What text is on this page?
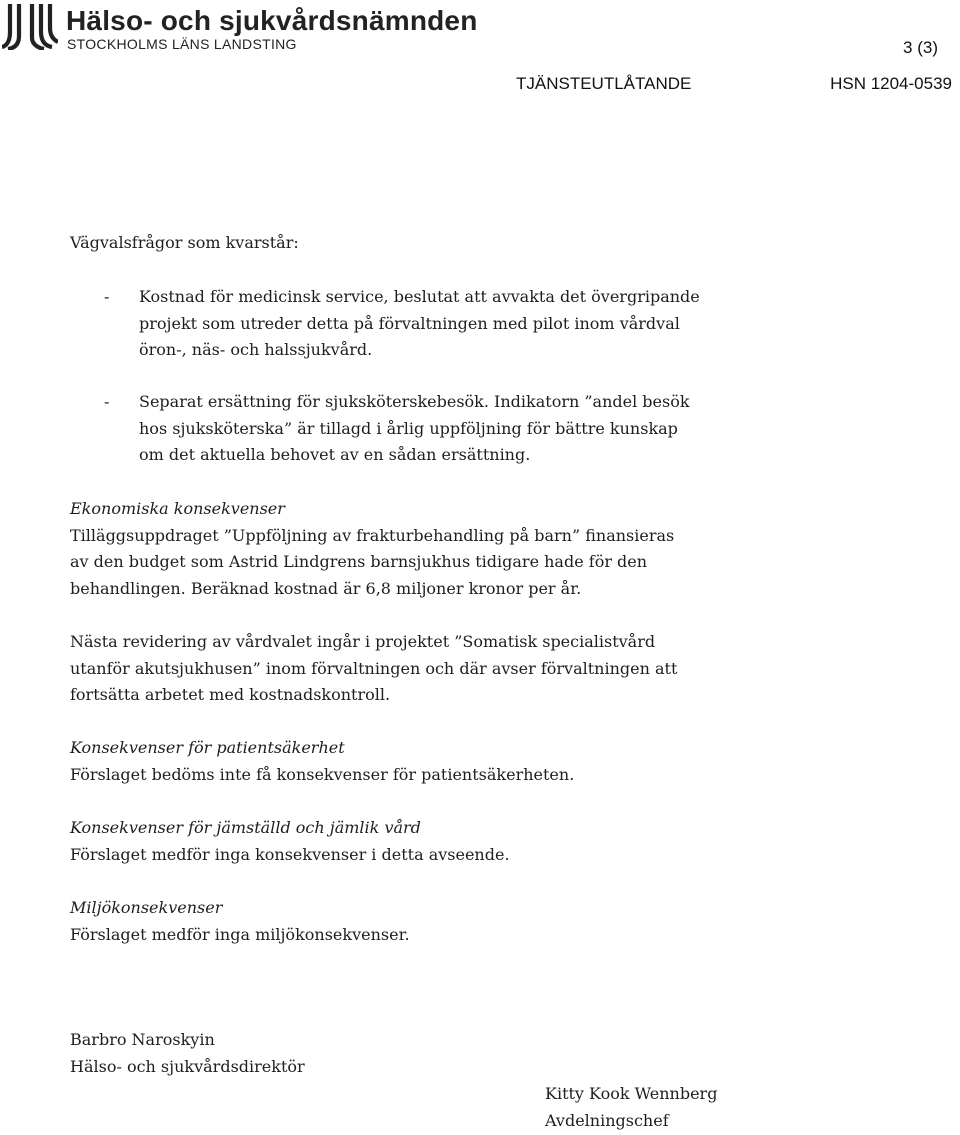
Hälso- och sjukvårdsnämnden
STOCKHOLMS LÄNS LANDSTING	3 (3)
TJÄNSTEUTLÅTANDE	HSN 1204-0539
Vägvalsfrågor som kvarstår:
- Kostnad för medicinsk service, beslutat att avvakta det övergripande
projekt som utreder detta på förvaltningen med pilot inom vårdval
öron-, näs- och halssjukvård.
- Separat ersättning för sjuksköterskebesök. Indikatorn ”andel besök
hos sjuksköterska” är tillagd i årlig uppföljning för bättre kunskap
om det aktuella behovet av en sådan ersättning.
Ekonomiska konsekvenser
Tilläggsuppdraget ”Uppföljning av frakturbehandling på barn” finansieras
av den budget som Astrid Lindgrens barnsjukhus tidigare hade för den
behandlingen. Beräknad kostnad är 6,8 miljoner kronor per år.
Nästa revidering av vårdvalet ingår i projektet ”Somatisk specialistvård
utanför akutsjukhusen” inom förvaltningen och där avser förvaltningen att
fortsätta arbetet med kostnadskontroll.
Konsekvenser för patientsäkerhet
Förslaget bedöms inte få konsekvenser för patientsäkerheten.
Konsekvenser för jämställd och jämlik vård
Förslaget medför inga konsekvenser i detta avseende.
Miljökonsekvenser
Förslaget medför inga miljökonsekvenser.
Barbro Naroskyin
Hälso- och sjukvårdsdirektör
Kitty Kook Wennberg
Avdelningschef
